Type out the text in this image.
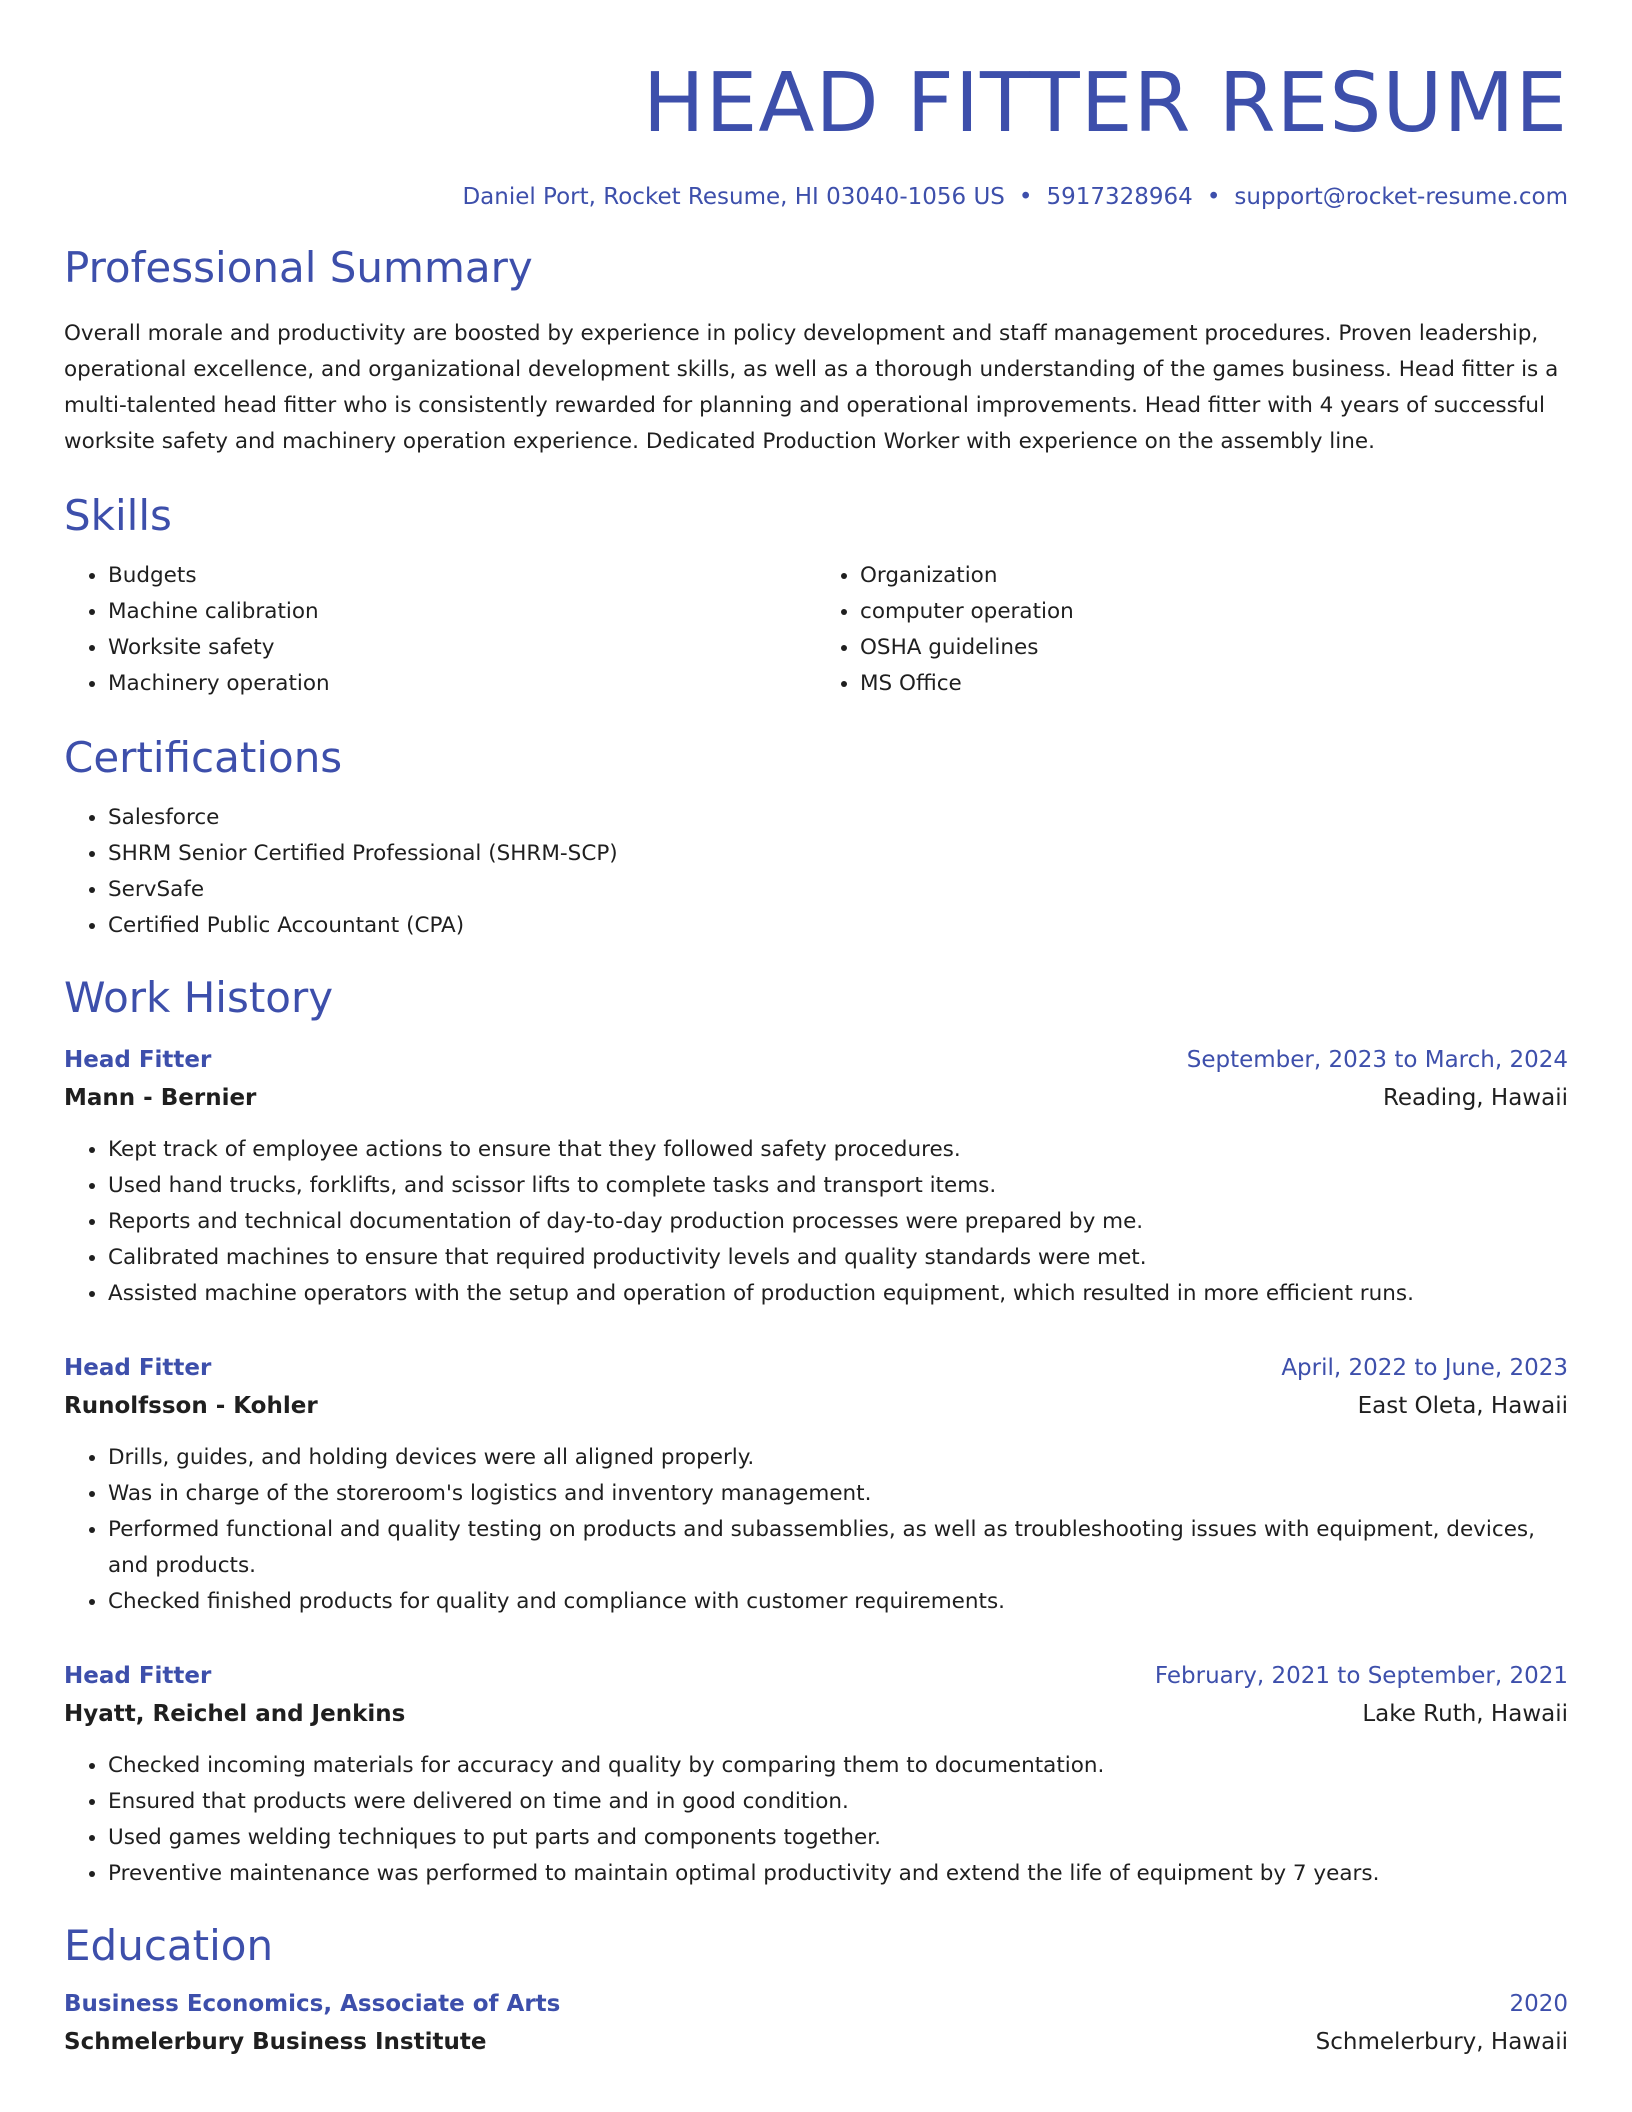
HEAD FITTER RESUME
Daniel Port, Rocket Resume, HI 03040-1056 US • 5917328964 • support@rocket-resume.com
Professional Summary

Overall morale and productivity are boosted by experience in policy development and staff management procedures. Proven leadership, operational excellence, and organizational development skills, as well as a thorough understanding of the games business. Head fitter is a multi-talented head fitter who is consistently rewarded for planning and operational improvements. Head fitter with 4 years of successful worksite safety and machinery operation experience. Dedicated Production Worker with experience on the assembly line.

Skills
• Budgets
• Machine calibration
• Worksite safety
• Machinery operation
• Organization
• computer operation
• OSHA guidelines
• MS Office
Certifications
• Salesforce
• SHRM Senior Certified Professional (SHRM-SCP)
• ServSafe
• Certified Public Accountant (CPA)
Work History
Head Fitter	September, 2023 to March, 2024
Mann - Bernier	Reading, Hawaii
• Kept track of employee actions to ensure that they followed safety procedures.
• Used hand trucks, forklifts, and scissor lifts to complete tasks and transport items.
• Reports and technical documentation of day-to-day production processes were prepared by me.
• Calibrated machines to ensure that required productivity levels and quality standards were met.
• Assisted machine operators with the setup and operation of production equipment, which resulted in more efficient runs.
Head Fitter	April, 2022 to June, 2023
Runolfsson - Kohler	East Oleta, Hawaii
• Drills, guides, and holding devices were all aligned properly.
• Was in charge of the storeroom's logistics and inventory management.
• Performed functional and quality testing on products and subassemblies, as well as troubleshooting issues with equipment, devices, and products.
• Checked finished products for quality and compliance with customer requirements.
Head Fitter	February, 2021 to September, 2021
Hyatt, Reichel and Jenkins	Lake Ruth, Hawaii
• Checked incoming materials for accuracy and quality by comparing them to documentation.
• Ensured that products were delivered on time and in good condition.
• Used games welding techniques to put parts and components together.
• Preventive maintenance was performed to maintain optimal productivity and extend the life of equipment by 7 years.
Education
Business Economics, Associate of Arts	2020
Schmelerbury Business Institute	Schmelerbury, Hawaii
